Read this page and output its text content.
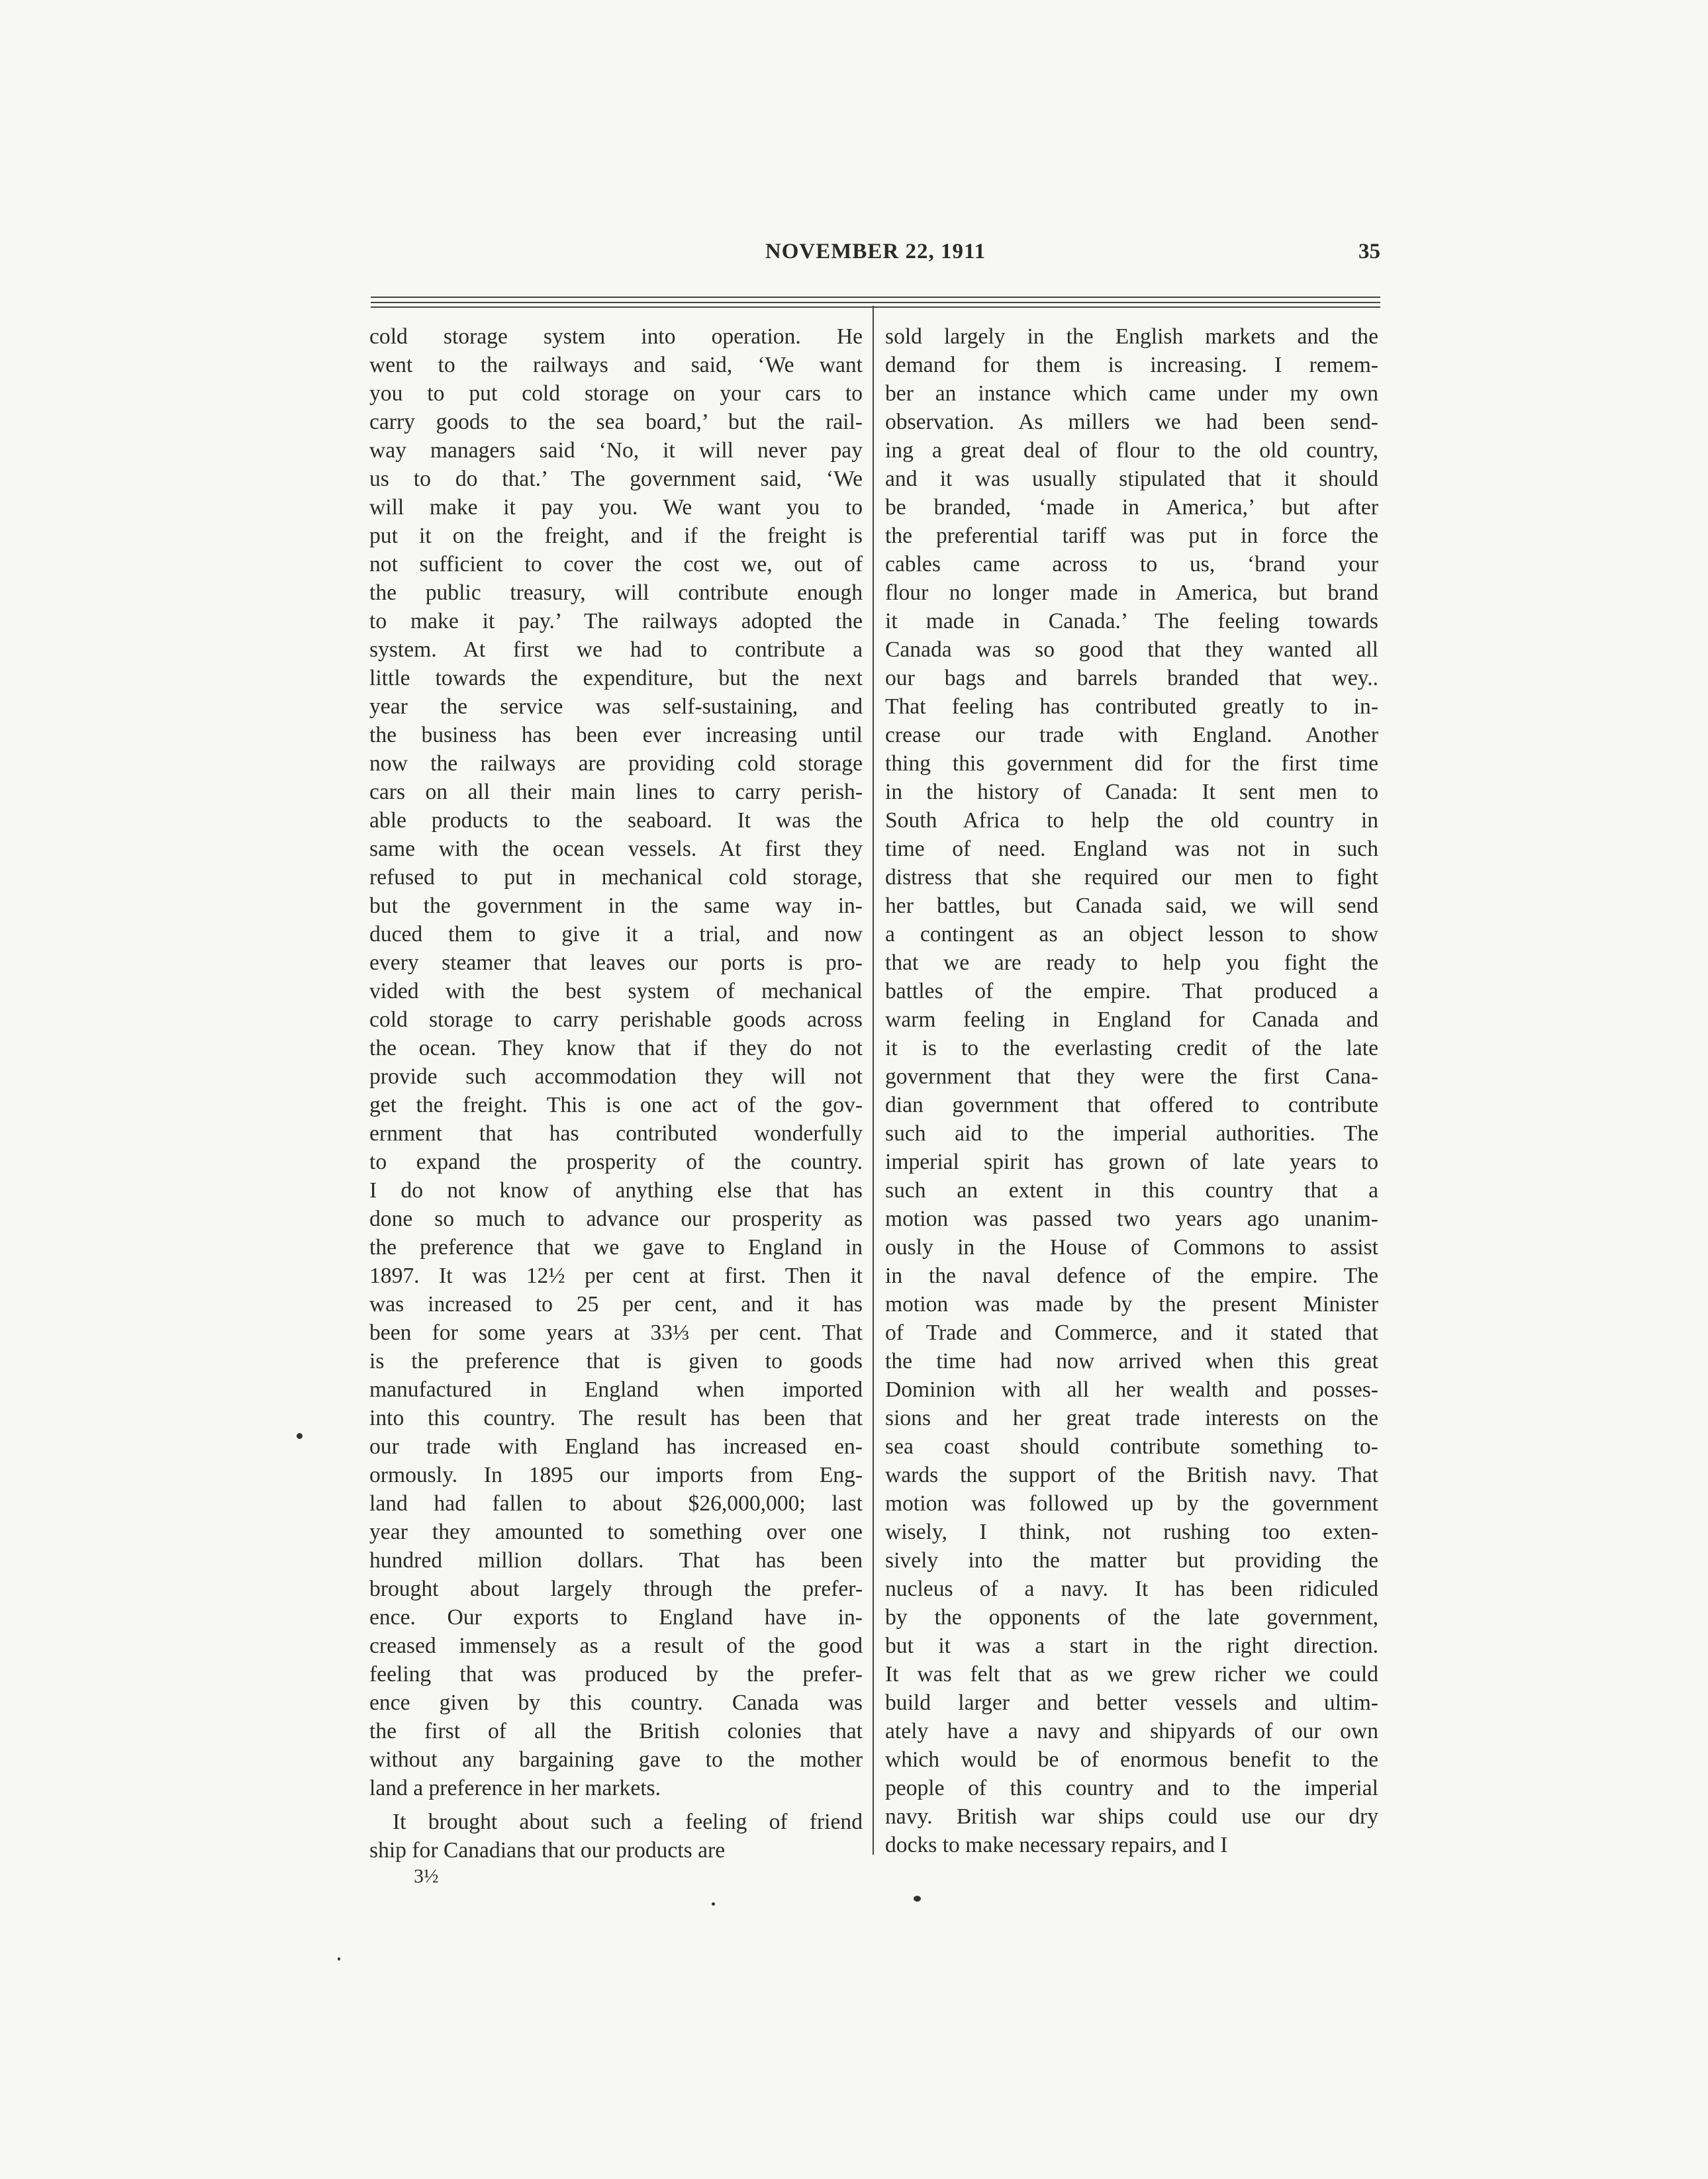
NOVEMBER 22, 1911	35
cold storage system into operation. He
went to the railways and said, ‘We want
you to put cold storage on your cars to
carry goods to the sea board,’ but the rail-
way managers said ‘No, it will never pay
us to do that.’ The government said, ‘We
will make it pay you. We want you to
put it on the freight, and if the freight is
not sufficient to cover the cost we, out of
the public treasury, will contribute enough
to make it pay.’ The railways adopted the
system. At first we had to contribute a
little towards the expenditure, but the next
year the service was self-sustaining, and
the business has been ever increasing until
now the railways are providing cold storage
cars on all their main lines to carry perish-
able products to the seaboard. It was the
same with the ocean vessels. At first they
refused to put in mechanical cold storage,
but the government in the same way in-
duced them to give it a trial, and now
every steamer that leaves our ports is pro-
vided with the best system of mechanical
cold storage to carry perishable goods across
the ocean. They know that if they do not
provide such accommodation they will not
get the freight. This is one act of the gov-
ernment that has contributed wonderfully
to expand the prosperity of the country.
I do not know of anything else that has
done so much to advance our prosperity as
the preference that we gave to England in
1897. It was 12½ per cent at first. Then it
was increased to 25 per cent, and it has
been for some years at 33⅓ per cent. That
is the preference that is given to goods
manufactured in England when imported
into this country. The result has been that
our trade with England has increased en-
ormously. In 1895 our imports from Eng-
land had fallen to about $26,000,000; last
year they amounted to something over one
hundred million dollars. That has been
brought about largely through the prefer-
ence. Our exports to England have in-
creased immensely as a result of the good
feeling that was produced by the prefer-
ence given by this country. Canada was
the first of all the British colonies that
without any bargaining gave to the mother
land a preference in her markets.
It brought about such a feeling of friend
ship for Canadians that our products are
sold largely in the English markets and the
demand for them is increasing. I remem-
ber an instance which came under my own
observation. As millers we had been send-
ing a great deal of flour to the old country,
and it was usually stipulated that it should
be branded, ‘made in America,’ but after
the preferential tariff was put in force the
cables came across to us, ‘brand your
flour no longer made in America, but brand
it made in Canada.’ The feeling towards
Canada was so good that they wanted all
our bags and barrels branded that wey..
That feeling has contributed greatly to in-
crease our trade with England. Another
thing this government did for the first time
in the history of Canada: It sent men to
South Africa to help the old country in
time of need. England was not in such
distress that she required our men to fight
her battles, but Canada said, we will send
a contingent as an object lesson to show
that we are ready to help you fight the
battles of the empire. That produced a
warm feeling in England for Canada and
it is to the everlasting credit of the late
government that they were the first Cana-
dian government that offered to contribute
such aid to the imperial authorities. The
imperial spirit has grown of late years to
such an extent in this country that a
motion was passed two years ago unanim-
ously in the House of Commons to assist
in the naval defence of the empire. The
motion was made by the present Minister
of Trade and Commerce, and it stated that
the time had now arrived when this great
Dominion with all her wealth and posses-
sions and her great trade interests on the
sea coast should contribute something to-
wards the support of the British navy. That
motion was followed up by the government
wisely, I think, not rushing too exten-
sively into the matter but providing the
nucleus of a navy. It has been ridiculed
by the opponents of the late government,
but it was a start in the right direction.
It was felt that as we grew richer we could
build larger and better vessels and ultim-
ately have a navy and shipyards of our own
which would be of enormous benefit to the
people of this country and to the imperial
navy. British war ships could use our dry
docks to make necessary repairs, and I
3½
